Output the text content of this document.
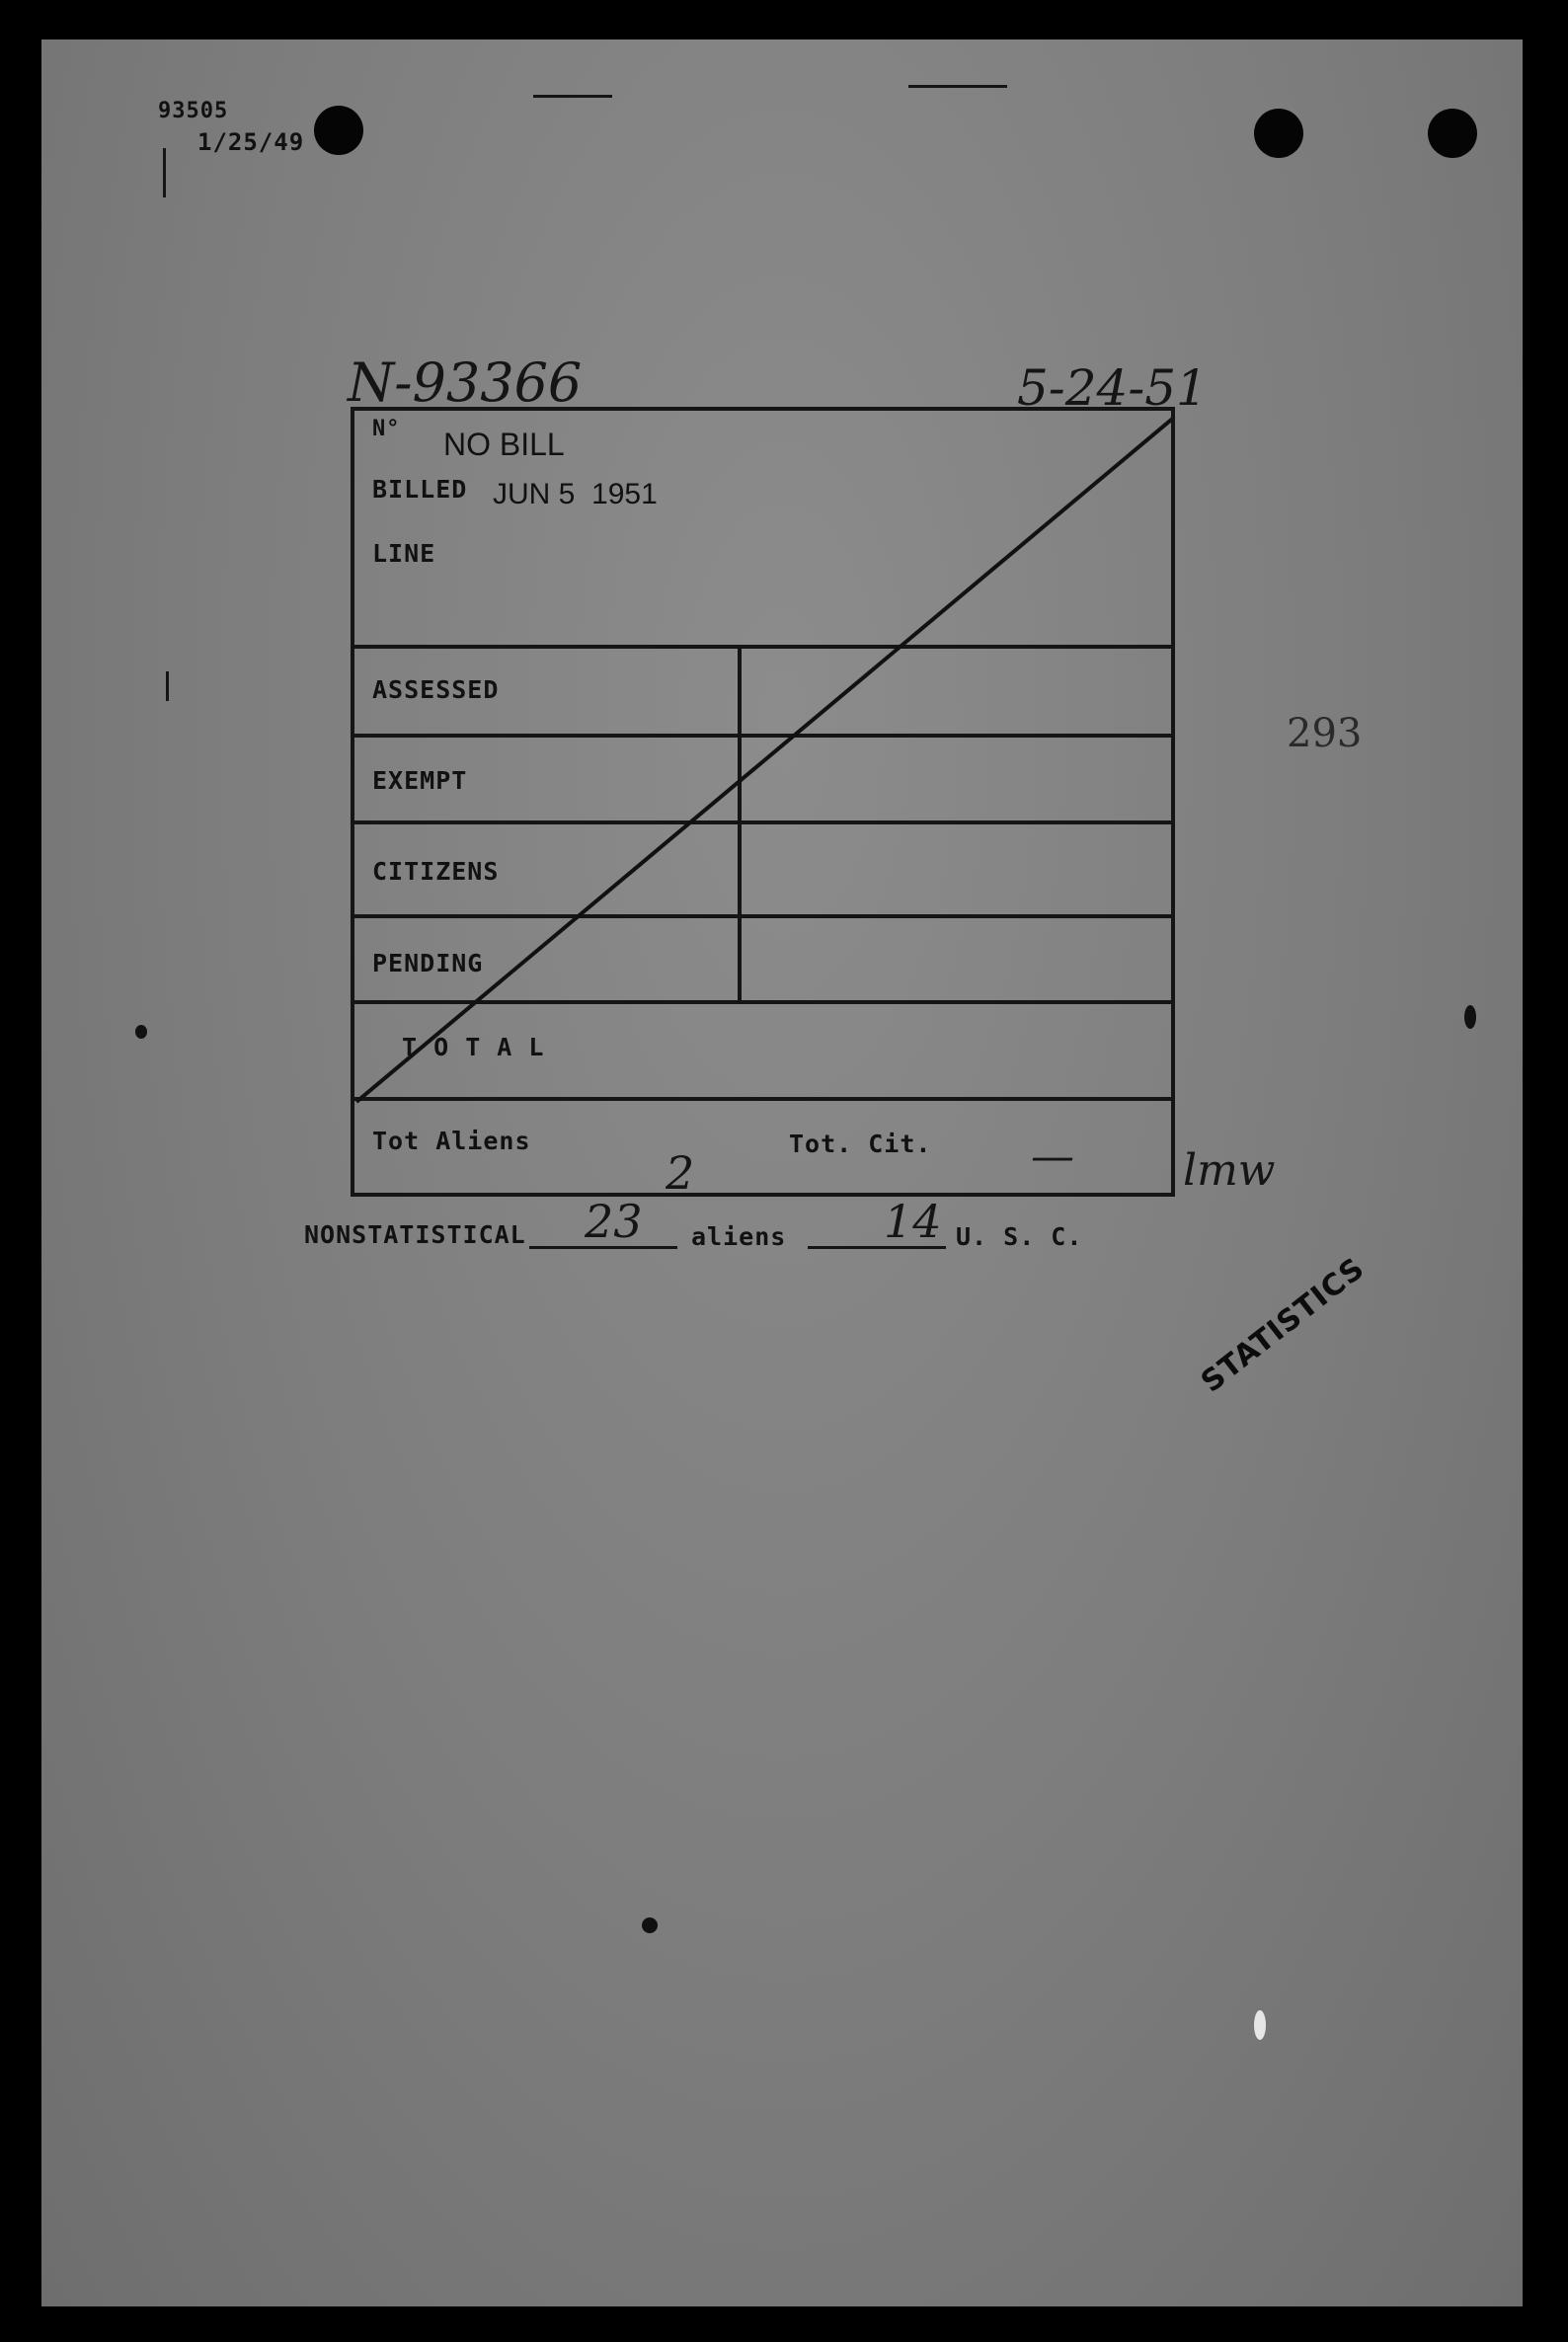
93505
1/25/49
N-93366	5-24-51
N° NO BILL
BILLED JUN 5  1951
LINE
ASSESSED
EXEMPT
CITIZENS
PENDING
T O T A L
Tot Aliens	Tot. Cit.
2	—	lmw
NONSTATISTICAL 23 aliens 14 U. S. C.
STATISTICS
293
